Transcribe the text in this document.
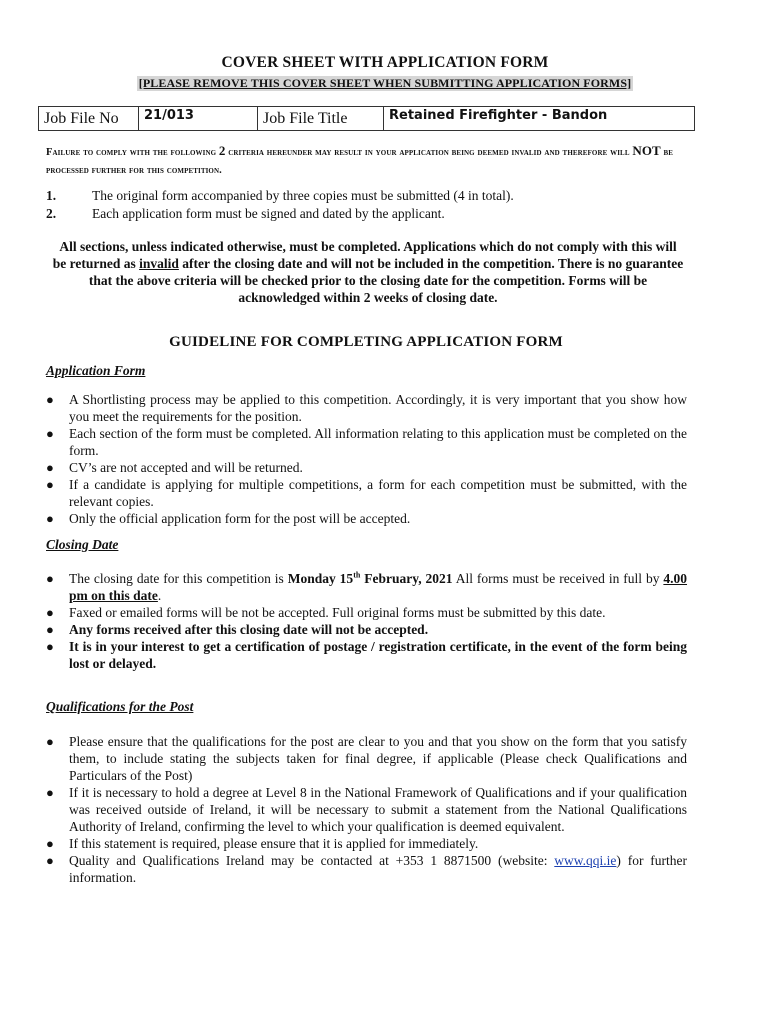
COVER SHEET WITH APPLICATION FORM
[PLEASE REMOVE THIS COVER SHEET WHEN SUBMITTING APPLICATION FORMS]
Job File No	21/013	Job File Title	Retained Firefighter - Bandon
Failure to comply with the following 2 criteria hereunder may result in your application being deemed invalid and therefore will NOT be processed further for this competition.
1.	The original form accompanied by three copies must be submitted (4 in total).
2.	Each application form must be signed and dated by the applicant.
All sections, unless indicated otherwise, must be completed. Applications which do not comply with this will be returned as invalid after the closing date and will not be included in the competition. There is no guarantee that the above criteria will be checked prior to the closing date for the competition. Forms will be acknowledged within 2 weeks of closing date.
GUIDELINE FOR COMPLETING APPLICATION FORM
Application Form
● A Shortlisting process may be applied to this competition. Accordingly, it is very important that you show how you meet the requirements for the position.
● Each section of the form must be completed. All information relating to this application must be completed on the form.
● CV’s are not accepted and will be returned.
● If a candidate is applying for multiple competitions, a form for each competition must be submitted, with the relevant copies.
● Only the official application form for the post will be accepted.
Closing Date
● The closing date for this competition is Monday 15th February, 2021 All forms must be received in full by 4.00 pm on this date.
● Faxed or emailed forms will be not be accepted. Full original forms must be submitted by this date.
● Any forms received after this closing date will not be accepted.
● It is in your interest to get a certification of postage / registration certificate, in the event of the form being lost or delayed.
Qualifications for the Post
● Please ensure that the qualifications for the post are clear to you and that you show on the form that you satisfy them, to include stating the subjects taken for final degree, if applicable (Please check Qualifications and Particulars of the Post)
● If it is necessary to hold a degree at Level 8 in the National Framework of Qualifications and if your qualification was received outside of Ireland, it will be necessary to submit a statement from the National Qualifications Authority of Ireland, confirming the level to which your qualification is deemed equivalent.
● If this statement is required, please ensure that it is applied for immediately.
● Quality and Qualifications Ireland may be contacted at +353 1 8871500 (website: www.qqi.ie) for further information.
